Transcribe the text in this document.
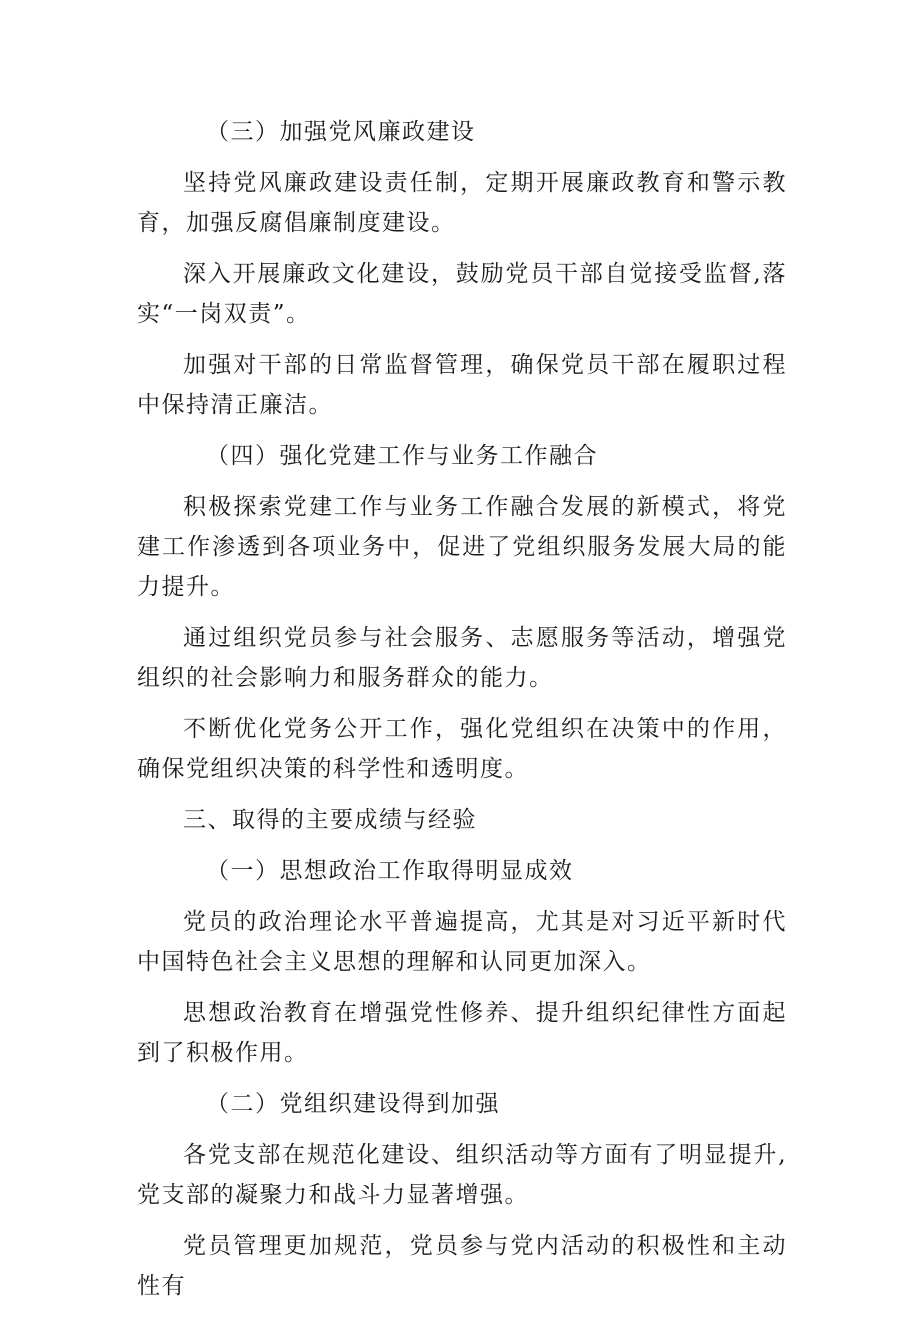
（三）加强党风廉政建设

坚持党风廉政建设责任制，定期开展廉政教育和警示教育，加强反腐倡廉制度建设。

深入开展廉政文化建设，鼓励党员干部自觉接受监督,落实“一岗双责”。

加强对干部的日常监督管理，确保党员干部在履职过程中保持清正廉洁。

（四）强化党建工作与业务工作融合

积极探索党建工作与业务工作融合发展的新模式，将党建工作渗透到各项业务中，促进了党组织服务发展大局的能力提升。

通过组织党员参与社会服务、志愿服务等活动，增强党组织的社会影响力和服务群众的能力。

不断优化党务公开工作，强化党组织在决策中的作用，确保党组织决策的科学性和透明度。

三、取得的主要成绩与经验

（一）思想政治工作取得明显成效

党员的政治理论水平普遍提高，尤其是对习近平新时代中国特色社会主义思想的理解和认同更加深入。

思想政治教育在增强党性修养、提升组织纪律性方面起到了积极作用。

（二）党组织建设得到加强

各党支部在规范化建设、组织活动等方面有了明显提升,党支部的凝聚力和战斗力显著增强。

党员管理更加规范，党员参与党内活动的积极性和主动性有
